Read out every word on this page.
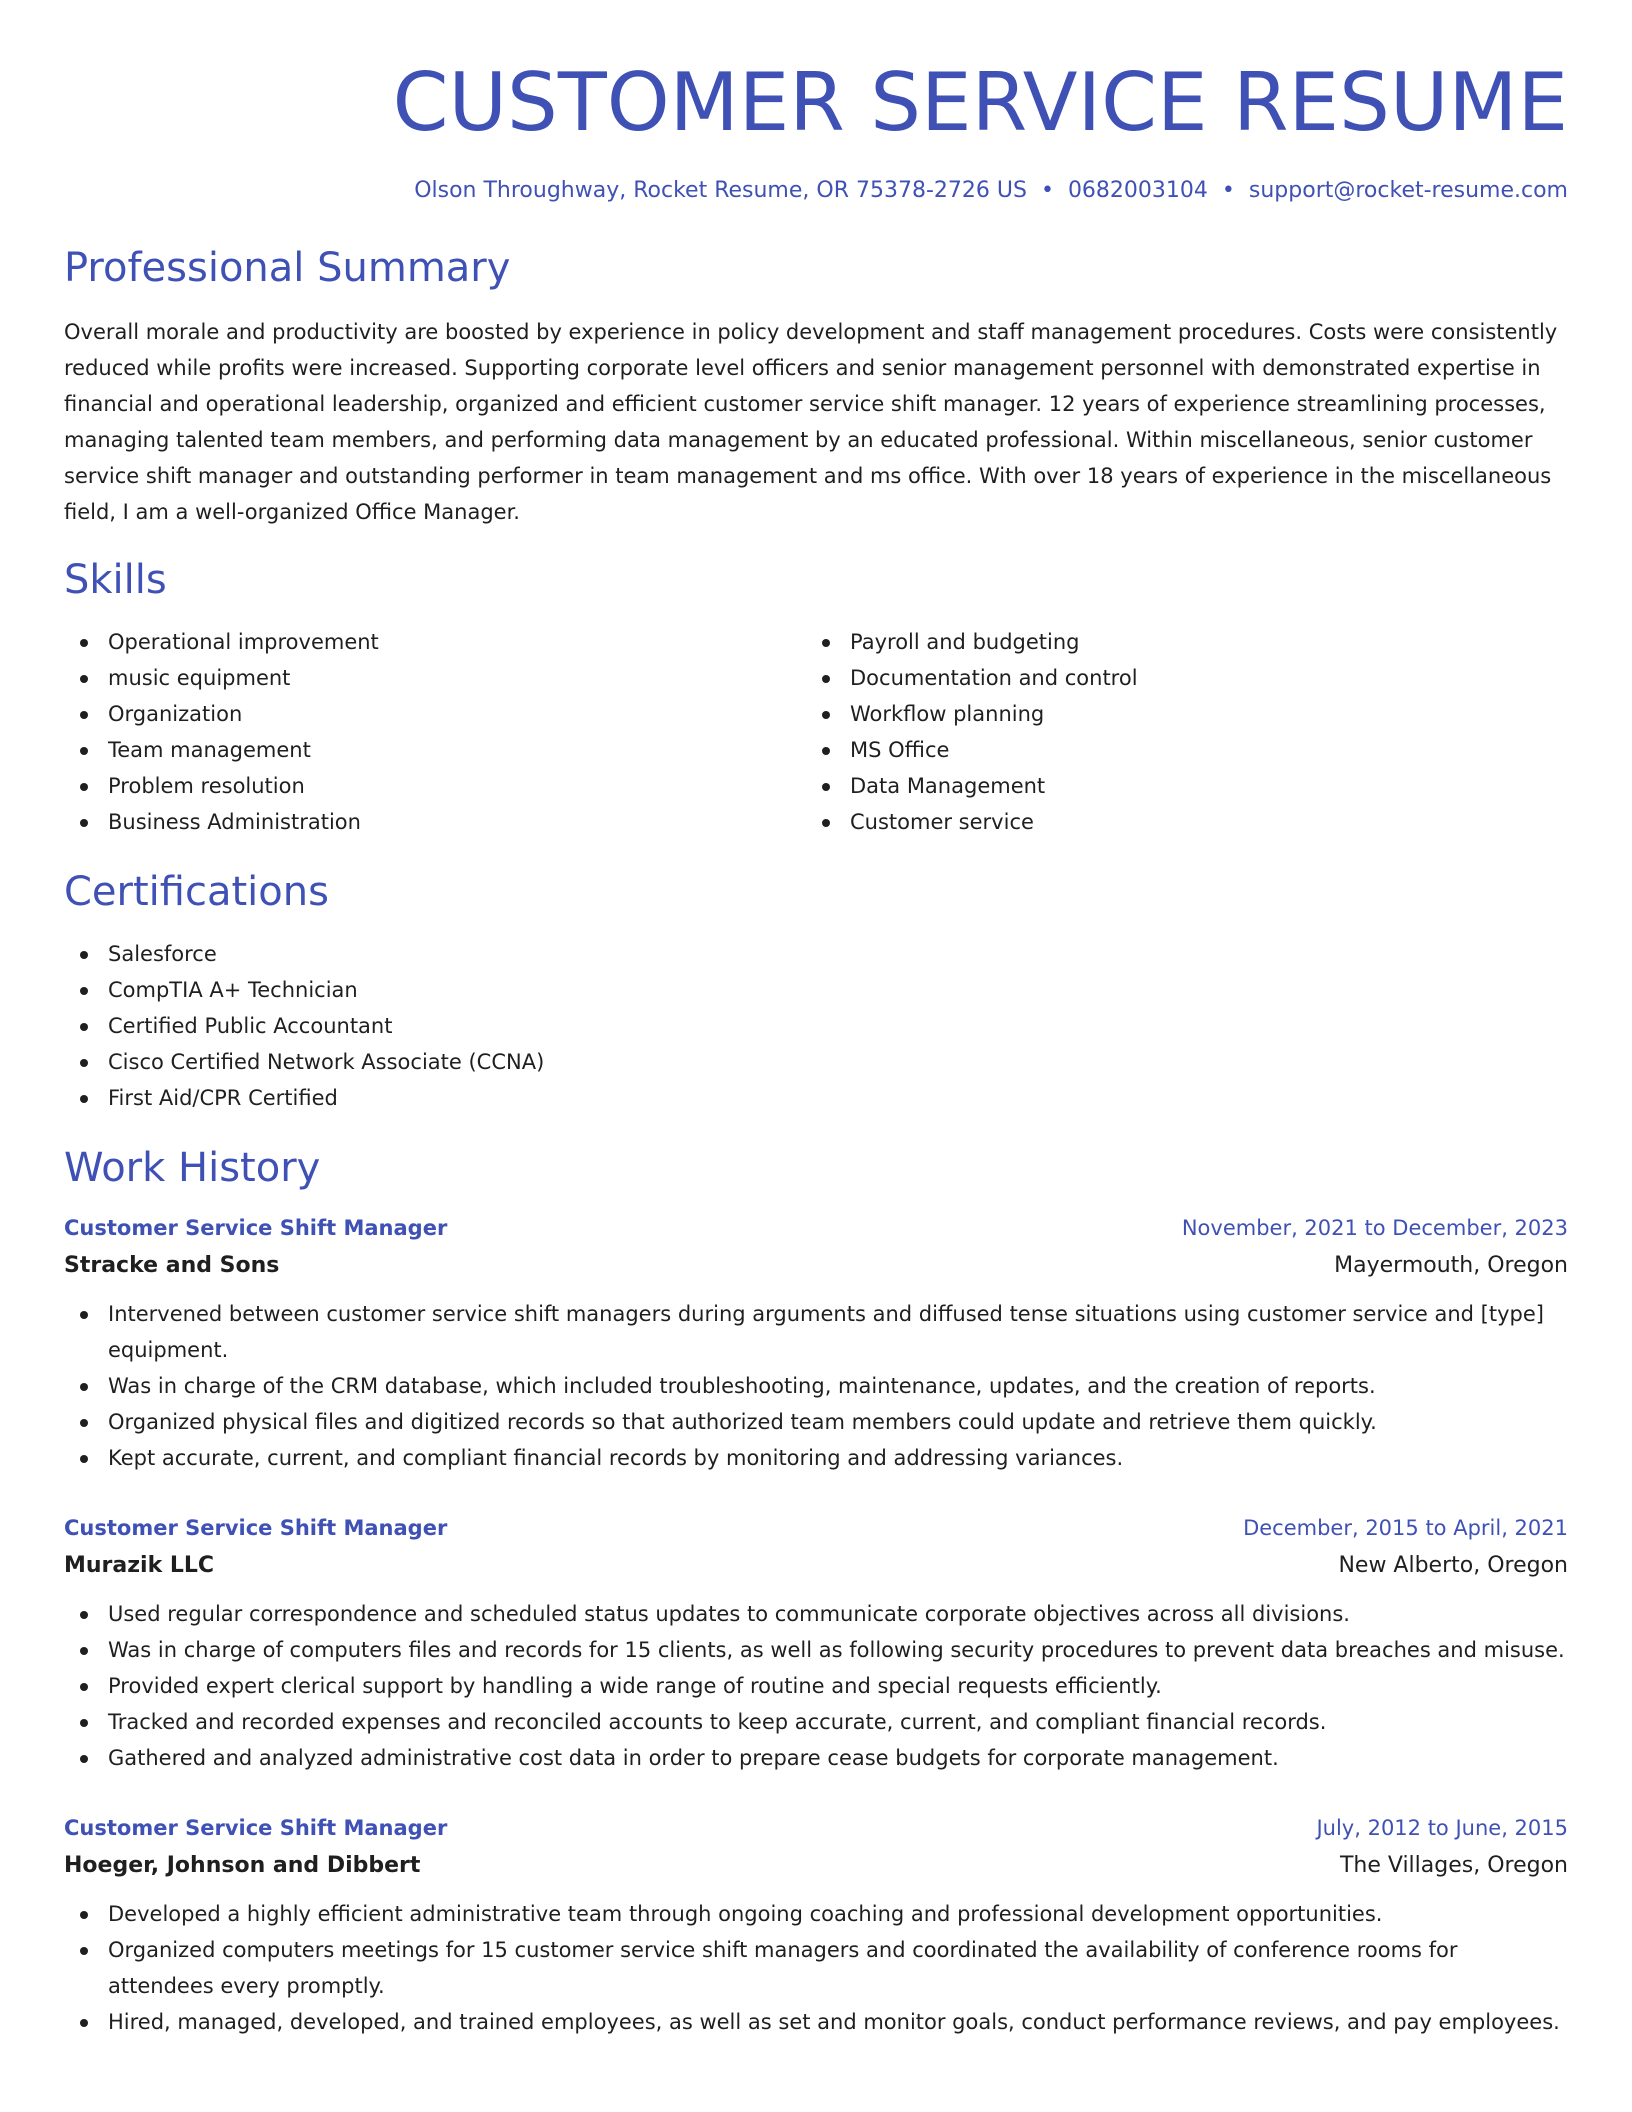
CUSTOMER SERVICE RESUME
Olson Throughway, Rocket Resume, OR 75378-2726 US • 0682003104 • support@rocket-resume.com
Professional Summary
Overall morale and productivity are boosted by experience in policy development and staff management procedures. Costs were consistently reduced while profits were increased. Supporting corporate level officers and senior management personnel with demonstrated expertise in financial and operational leadership, organized and efficient customer service shift manager. 12 years of experience streamlining processes, managing talented team members, and performing data management by an educated professional. Within miscellaneous, senior customer service shift manager and outstanding performer in team management and ms office. With over 18 years of experience in the miscellaneous field, I am a well-organized Office Manager.
Skills
Operational improvement
music equipment
Organization
Team management
Problem resolution
Business Administration
Payroll and budgeting
Documentation and control
Workflow planning
MS Office
Data Management
Customer service
Certifications
Salesforce
CompTIA A+ Technician
Certified Public Accountant
Cisco Certified Network Associate (CCNA)
First Aid/CPR Certified
Work History
Customer Service Shift Manager	November, 2021 to December, 2023
Stracke and Sons	Mayermouth, Oregon
Intervened between customer service shift managers during arguments and diffused tense situations using customer service and [type] equipment.
Was in charge of the CRM database, which included troubleshooting, maintenance, updates, and the creation of reports.
Organized physical files and digitized records so that authorized team members could update and retrieve them quickly.
Kept accurate, current, and compliant financial records by monitoring and addressing variances.
Customer Service Shift Manager	December, 2015 to April, 2021
Murazik LLC	New Alberto, Oregon
Used regular correspondence and scheduled status updates to communicate corporate objectives across all divisions.
Was in charge of computers files and records for 15 clients, as well as following security procedures to prevent data breaches and misuse.
Provided expert clerical support by handling a wide range of routine and special requests efficiently.
Tracked and recorded expenses and reconciled accounts to keep accurate, current, and compliant financial records.
Gathered and analyzed administrative cost data in order to prepare cease budgets for corporate management.
Customer Service Shift Manager	July, 2012 to June, 2015
Hoeger, Johnson and Dibbert	The Villages, Oregon
Developed a highly efficient administrative team through ongoing coaching and professional development opportunities.
Organized computers meetings for 15 customer service shift managers and coordinated the availability of conference rooms for attendees every promptly.
Hired, managed, developed, and trained employees, as well as set and monitor goals, conduct performance reviews, and pay employees.
